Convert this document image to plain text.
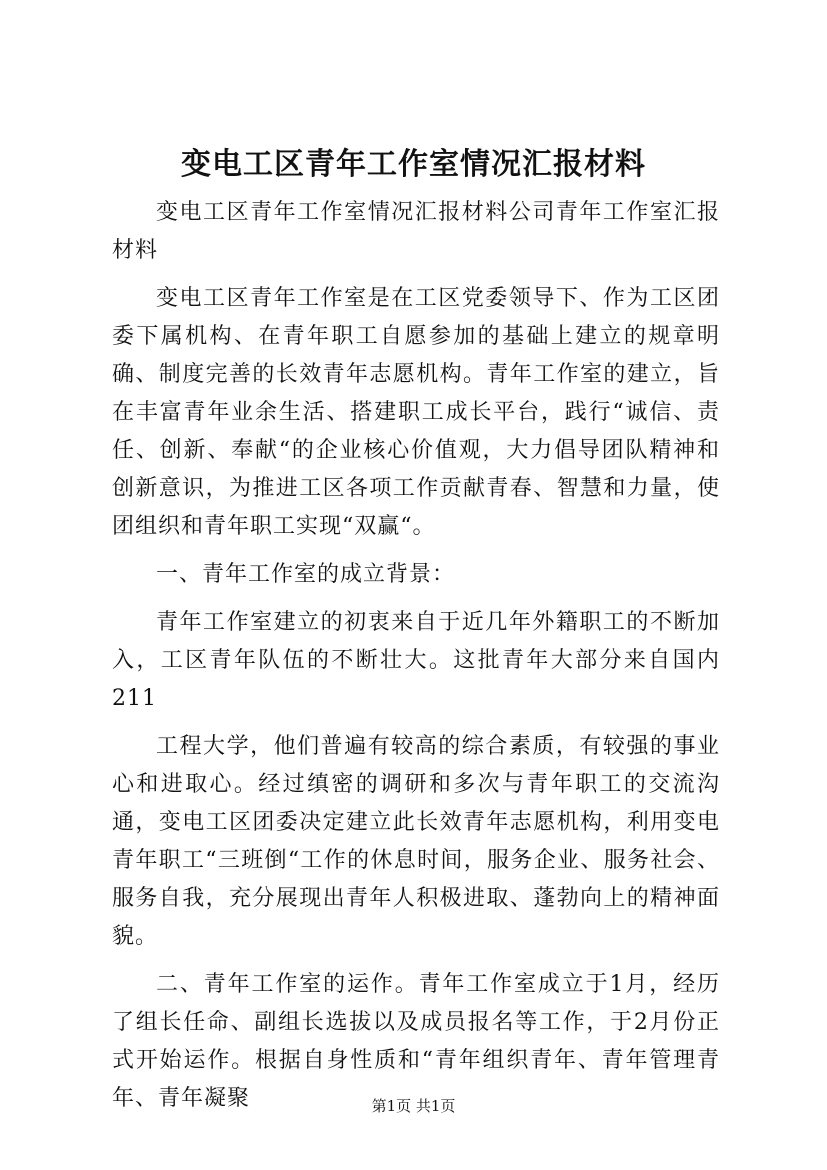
变电工区青年工作室情况汇报材料

变电工区青年工作室情况汇报材料公司青年工作室汇报材料

变电工区青年工作室是在工区党委领导下、作为工区团委下属机构、在青年职工自愿参加的基础上建立的规章明确、制度完善的长效青年志愿机构。青年工作室的建立，旨在丰富青年业余生活、搭建职工成长平台，践行“诚信、责任、创新、奉献“的企业核心价值观，大力倡导团队精神和创新意识，为推进工区各项工作贡献青春、智慧和力量，使团组织和青年职工实现“双赢“。

一、青年工作室的成立背景：

青年工作室建立的初衷来自于近几年外籍职工的不断加入，工区青年队伍的不断壮大。这批青年大部分来自国内211

工程大学，他们普遍有较高的综合素质，有较强的事业心和进取心。经过缜密的调研和多次与青年职工的交流沟通，变电工区团委决定建立此长效青年志愿机构，利用变电青年职工“三班倒“工作的休息时间，服务企业、服务社会、服务自我，充分展现出青年人积极进取、蓬勃向上的精神面貌。

二、青年工作室的运作。青年工作室成立于1月，经历了组长任命、副组长选拔以及成员报名等工作，于2月份正式开始运作。根据自身性质和“青年组织青年、青年管理青年、青年凝聚	第1页 共1页
